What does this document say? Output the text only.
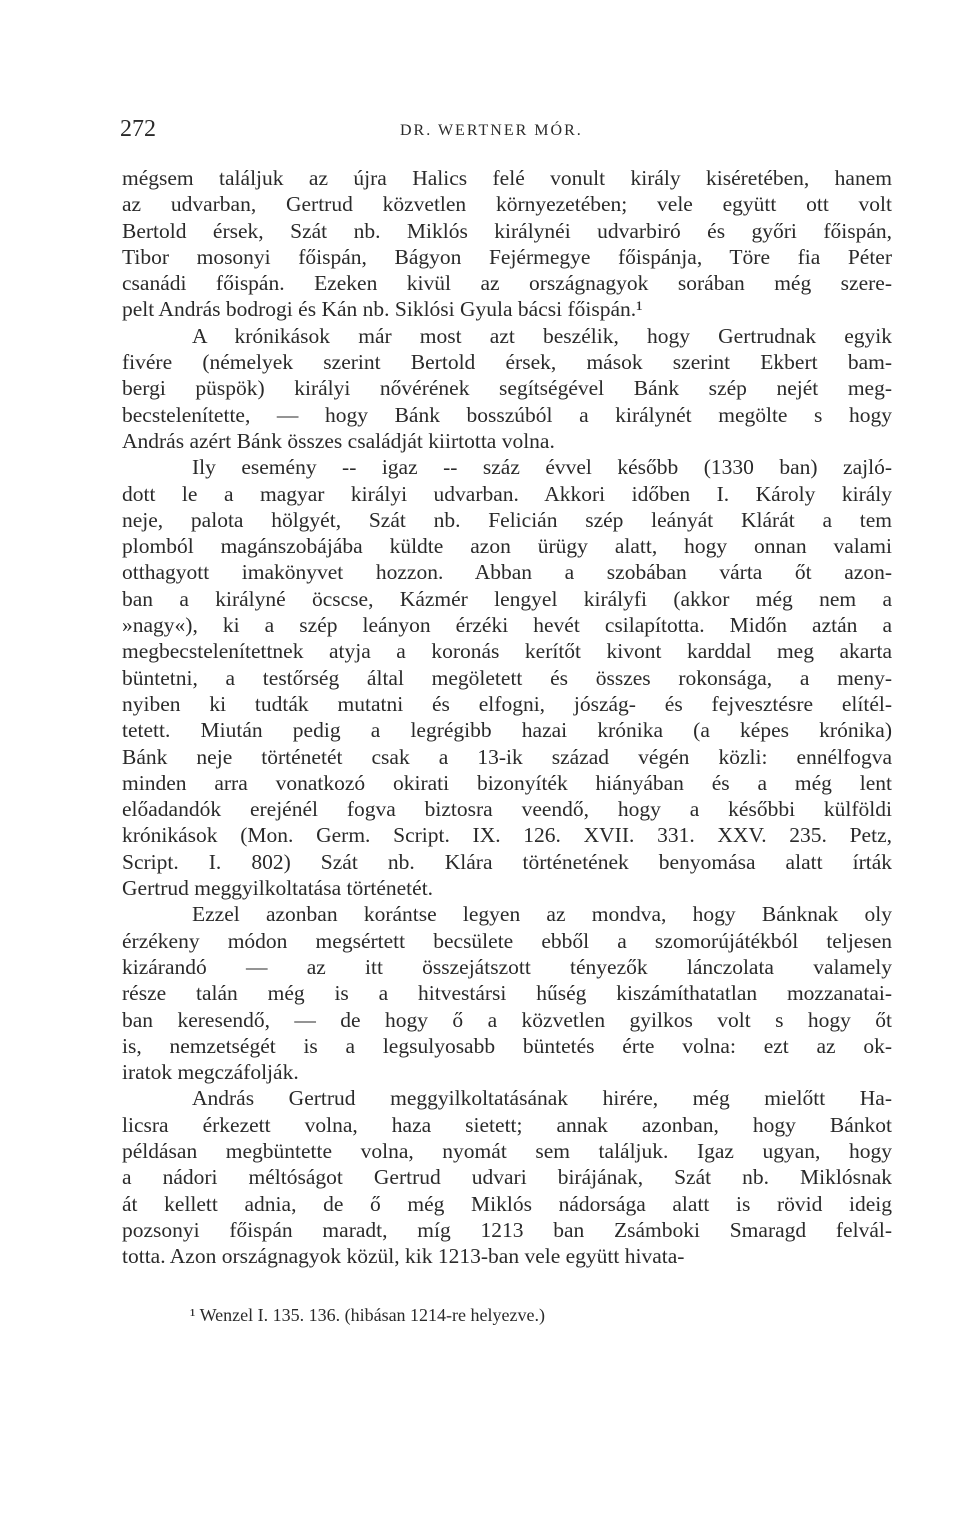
272	DR. WERTNER MÓR.
mégsem találjuk az újra Halics felé vonult király kiséretében, hanem
az udvarban, Gertrud közvetlen környezetében; vele együtt ott volt
Bertold érsek, Szát nb. Miklós királynéi udvarbiró és győri főispán,
Tibor mosonyi főispán, Bágyon Fejérmegye főispánja, Töre fia Péter
csanádi főispán. Ezeken kivül az országnagyok sorában még szere-
pelt András bodrogi és Kán nb. Siklósi Gyula bácsi főispán.¹
A krónikások már most azt beszélik, hogy Gertrudnak egyik
fivére (némelyek szerint Bertold érsek, mások szerint Ekbert bam-
bergi püspök) királyi nővérének segítségével Bánk szép nejét meg-
becstelenítette, — hogy Bánk bosszúból a királynét megölte s hogy
András azért Bánk összes családját kiirtotta volna.
Ily esemény -- igaz -- száz évvel később (1330 ban) zajló-
dott le a magyar királyi udvarban. Akkori időben I. Károly király
neje, palota hölgyét, Szát nb. Felicián szép leányát Klárát a tem
plomból magánszobájába küldte azon ürügy alatt, hogy onnan valami
otthagyott imakönyvet hozzon. Abban a szobában várta őt azon-
ban a királyné öcscse, Kázmér lengyel királyfi (akkor még nem a
»nagy«), ki a szép leányon érzéki hevét csilapította. Midőn aztán a
megbecstelenítettnek atyja a koronás kerítőt kivont karddal meg akarta
büntetni, a testőrség által megöletett és összes rokonsága, a meny-
nyiben ki tudták mutatni és elfogni, jószág- és fejvesztésre elítél-
tetett. Miután pedig a legrégibb hazai krónika (a képes krónika)
Bánk neje történetét csak a 13-ik század végén közli: ennélfogva
minden arra vonatkozó okirati bizonyíték hiányában és a még lent
előadandók erejénél fogva biztosra veendő, hogy a későbbi külföldi
krónikások (Mon. Germ. Script. IX. 126. XVII. 331. XXV. 235. Petz,
Script. I. 802) Szát nb. Klára történetének benyomása alatt írták
Gertrud meggyilkoltatása történetét.
Ezzel azonban korántse legyen az mondva, hogy Bánknak oly
érzékeny módon megsértett becsülete ebből a szomorújátékból teljesen
kizárandó — az itt összejátszott tényezők lánczolata valamely
része talán még is a hitvestársi hűség kiszámíthatatlan mozzanatai-
ban keresendő, — de hogy ő a közvetlen gyilkos volt s hogy őt
is, nemzetségét is a legsulyosabb büntetés érte volna: ezt az ok-
iratok megczáfolják.
András Gertrud meggyilkoltatásának hirére, még mielőtt Ha-
licsra érkezett volna, haza sietett; annak azonban, hogy Bánkot
példásan megbüntette volna, nyomát sem találjuk. Igaz ugyan, hogy
a nádori méltóságot Gertrud udvari birájának, Szát nb. Miklósnak
át kellett adnia, de ő még Miklós nádorsága alatt is rövid ideig
pozsonyi főispán maradt, míg 1213 ban Zsámboki Smaragd felvál-
totta. Azon országnagyok közül, kik 1213-ban vele együtt hivata-
¹ Wenzel I. 135. 136. (hibásan 1214-re helyezve.)
